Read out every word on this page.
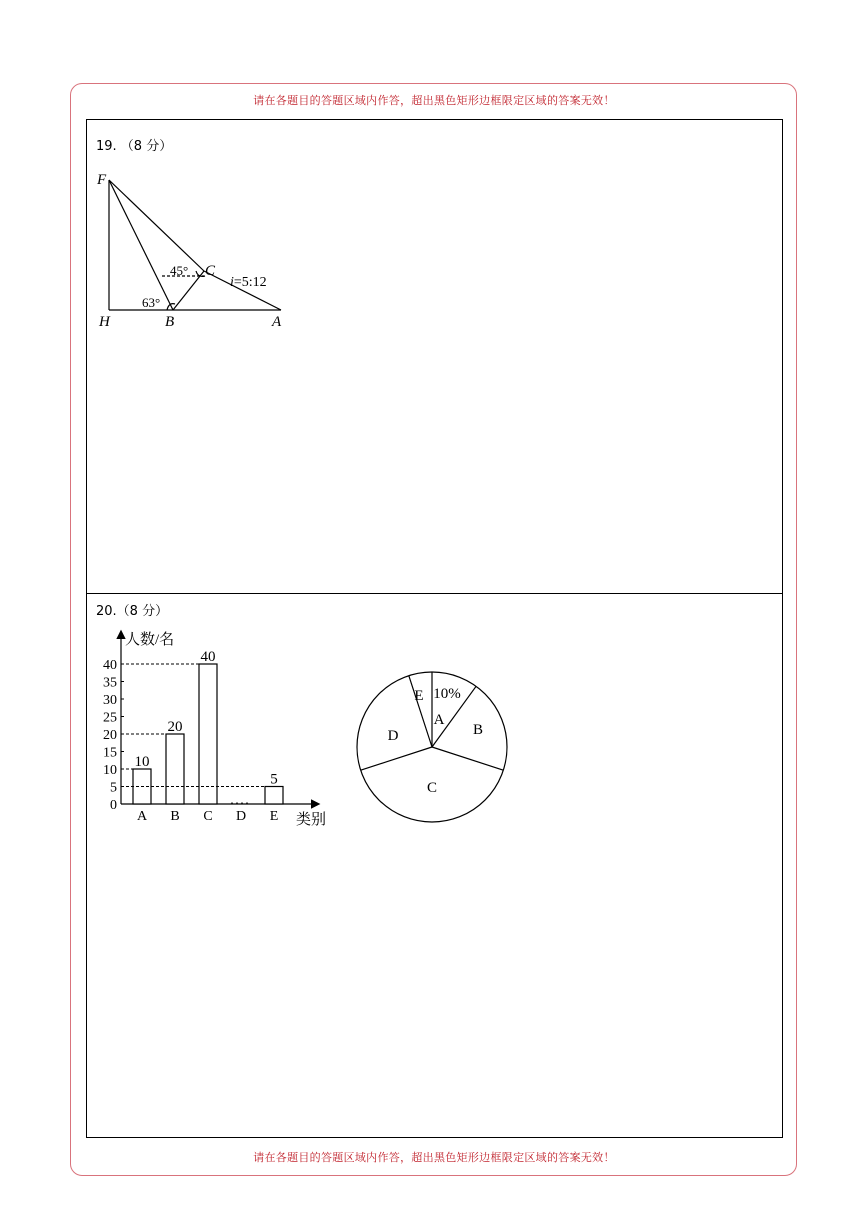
请在各题目的答题区域内作答，超出黑色矩形边框限定区域的答案无效！
19. （8 分）
F
C
H	B	A
45°
63°
i=5:12
20.（8 分）
人数/名
类别
0
5
10
15
20
25
30
35
40
A
10
B
20
C
40
D E
5
A
B
C
D
E 10%
请在各题目的答题区域内作答，超出黑色矩形边框限定区域的答案无效！
